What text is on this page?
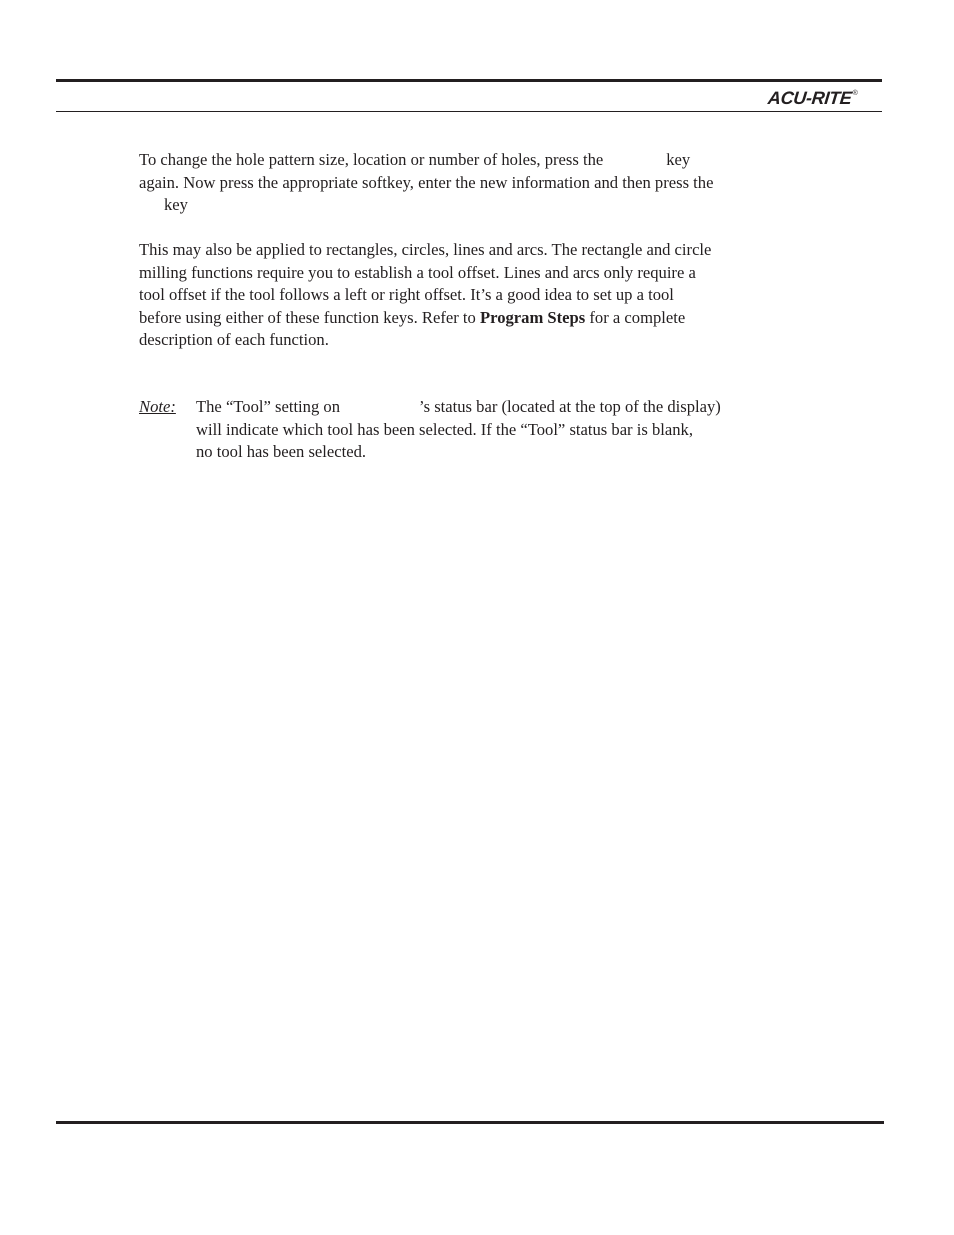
ACU-RITE ®
To change the hole pattern size, location or number of holes, press the	key
again. Now press the appropriate softkey, enter the new information and then press the
key
This may also be applied to rectangles, circles, lines and arcs. The rectangle and circle
milling functions require you to establish a tool offset. Lines and arcs only require a
tool offset if the tool follows a left or right offset. It’s a good idea to set up a tool
before using either of these function keys. Refer to Program Steps for a complete
description of each function.
Note: The “Tool” setting on	’s status bar (located at the top of the display)
will indicate which tool has been selected. If the “Tool” status bar is blank,
no tool has been selected.
